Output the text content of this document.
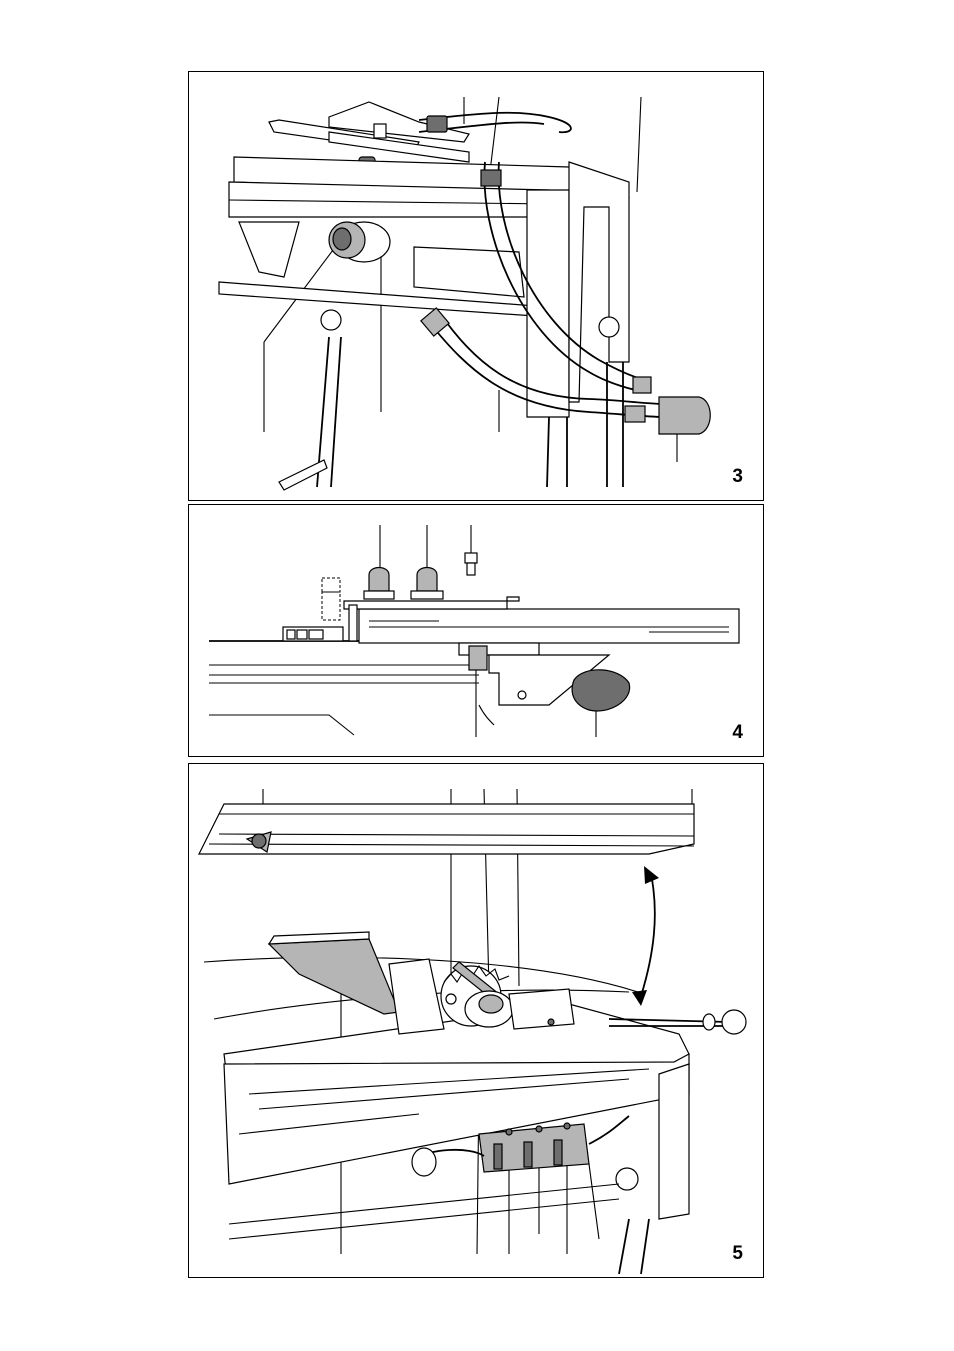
3
4
5
